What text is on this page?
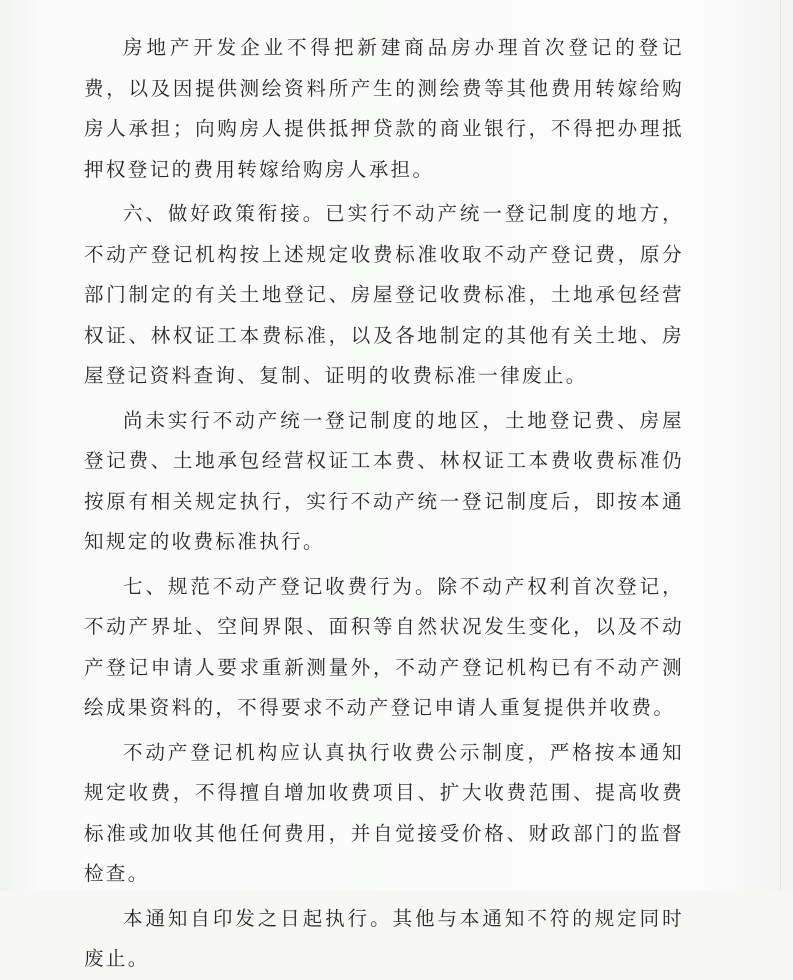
房地产开发企业不得把新建商品房办理首次登记的登记费，以及因提供测绘资料所产生的测绘费等其他费用转嫁给购房人承担；向购房人提供抵押贷款的商业银行，不得把办理抵押权登记的费用转嫁给购房人承担。

六、做好政策衔接。已实行不动产统一登记制度的地方，不动产登记机构按上述规定收费标准收取不动产登记费，原分部门制定的有关土地登记、房屋登记收费标准，土地承包经营权证、林权证工本费标准，以及各地制定的其他有关土地、房屋登记资料查询、复制、证明的收费标准一律废止。

尚未实行不动产统一登记制度的地区，土地登记费、房屋登记费、土地承包经营权证工本费、林权证工本费收费标准仍按原有相关规定执行，实行不动产统一登记制度后，即按本通知规定的收费标准执行。

七、规范不动产登记收费行为。除不动产权利首次登记，不动产界址、空间界限、面积等自然状况发生变化，以及不动产登记申请人要求重新测量外，不动产登记机构已有不动产测绘成果资料的，不得要求不动产登记申请人重复提供并收费。

不动产登记机构应认真执行收费公示制度，严格按本通知规定收费，不得擅自增加收费项目、扩大收费范围、提高收费标准或加收其他任何费用，并自觉接受价格、财政部门的监督检查。

本通知自印发之日起执行。其他与本通知不符的规定同时废止。
